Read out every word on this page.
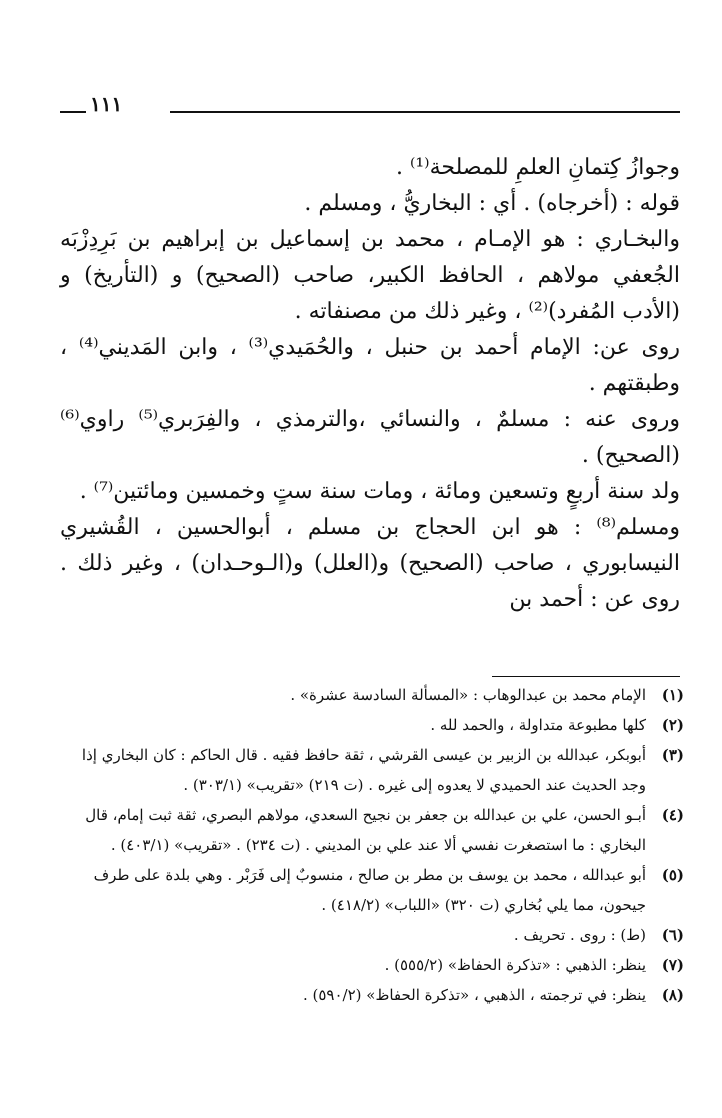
١١١

وجوازُ كِتمانِ العلمِ للمصلحة⁽¹⁾ .

قوله : (أخرجاه) . أي : البخاريُّ ، ومسلم .

والبخـاري : هو الإمـام ، محمد بن إسماعيل بن إبراهيم بن بَرِدِزْبَه الجُعفي مولاهم ، الحافظ الكبير، صاحب (الصحيح) و (التأريخ) و (الأدب المُفرد)⁽²⁾ ، وغير ذلك من مصنفاته .

روى عن: الإمام أحمد بن حنبل ، والحُمَيدي⁽³⁾ ، وابن المَديني⁽⁴⁾ ، وطبقتهم .

وروى عنه : مسلمٌ ، والنسائي ،والترمذي ، والفِرَبري⁽⁵⁾ راوي⁽⁶⁾ (الصحيح) .

ولد سنة أربعٍ وتسعين ومائة ، ومات سنة ستٍ وخمسين ومائتين⁽⁷⁾ .

ومسلم⁽⁸⁾ : هو ابن الحجاج بن مسلم ، أبوالحسين ، القُشيري النيسابوري ، صاحب (الصحيح) و(العلل) و(الـوحـدان) ، وغير ذلك . روى عن : أحمد بن

(١)
الإمام محمد بن عبدالوهاب : «المسألة السادسة عشرة» .
(٢)
كلها مطبوعة متداولة ، والحمد لله .
(٣)
أبوبكر، عبدالله بن الزبير بن عيسى القرشي ، ثقة حافظ فقيه . قال الحاكم : كان البخاري إذا وجد الحديث عند الحميدي لا يعدوه إلى غيره . (ت ٢١٩) «تقريب» (٣٠٣/١) .
(٤)
أبـو الحسن، علي بن عبدالله بن جعفر بن نجيح السعدي، مولاهم البصري، ثقة ثبت إمام، قال البخاري : ما استصغرت نفسي ألا عند علي بن المديني . (ت ٢٣٤) . «تقريب» (٤٠٣/١) .
(٥)
أبو عبدالله ، محمد بن يوسف بن مطر بن صالح ، منسوبٌ إلى فَرَبْر . وهي بلدة على طرف جيحون، مما يلي بُخاري (ت ٣٢٠) «اللباب» (٤١٨/٢) .
(٦)
(ط) : روى . تحريف .
(٧)
ينظر: الذهبي : «تذكرة الحفاظ» (٥٥٥/٢) .
(٨)
ينظر: في ترجمته ، الذهبي ، «تذكرة الحفاظ» (٥٩٠/٢) .
